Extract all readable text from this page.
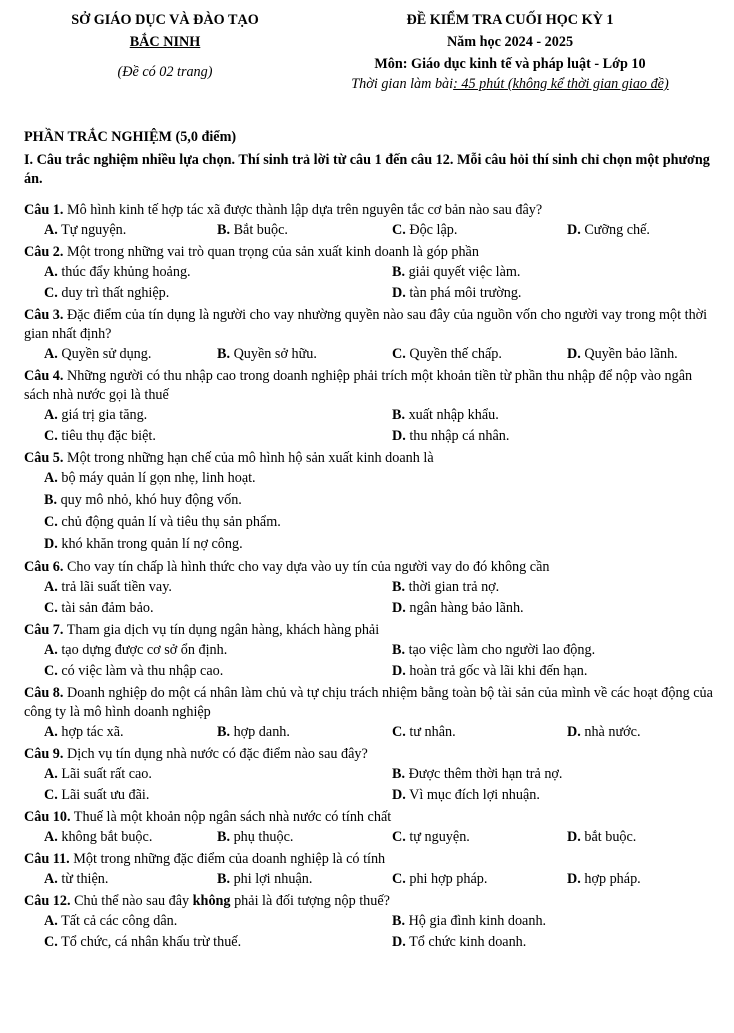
SỞ GIÁO DỤC VÀ ĐÀO TẠO
BẮC NINH
(Đề có 02 trang)
ĐỀ KIỂM TRA CUỐI HỌC KỲ 1
Năm học 2024 - 2025
Môn: Giáo dục kinh tế và pháp luật - Lớp 10
Thời gian làm bài: 45 phút (không kể thời gian giao đề)
PHẦN TRẮC NGHIỆM (5,0 điểm)
I. Câu trắc nghiệm nhiều lựa chọn. Thí sinh trả lời từ câu 1 đến câu 12. Mỗi câu hỏi thí sinh chỉ chọn một phương án.
Câu 1. Mô hình kinh tế hợp tác xã được thành lập dựa trên nguyên tắc cơ bản nào sau đây?
A. Tự nguyện.	B. Bắt buộc.	C. Độc lập.	D. Cưỡng chế.
Câu 2. Một trong những vai trò quan trọng của sản xuất kinh doanh là góp phần
A. thúc đẩy khủng hoảng.	B. giải quyết việc làm.
C. duy trì thất nghiệp.	D. tàn phá môi trường.
Câu 3. Đặc điểm của tín dụng là người cho vay nhường quyền nào sau đây của nguồn vốn cho người vay trong một thời gian nhất định?
A. Quyền sử dụng.	B. Quyền sở hữu.	C. Quyền thế chấp.	D. Quyền bảo lãnh.
Câu 4. Những người có thu nhập cao trong doanh nghiệp phải trích một khoản tiền từ phần thu nhập để nộp vào ngân sách nhà nước gọi là thuế
A. giá trị gia tăng.	B. xuất nhập khẩu.
C. tiêu thụ đặc biệt.	D. thu nhập cá nhân.
Câu 5. Một trong những hạn chế của mô hình hộ sản xuất kinh doanh là
A. bộ máy quản lí gọn nhẹ, linh hoạt.
B. quy mô nhỏ, khó huy động vốn.
C. chủ động quản lí và tiêu thụ sản phẩm.
D. khó khăn trong quản lí nợ công.
Câu 6. Cho vay tín chấp là hình thức cho vay dựa vào uy tín của người vay do đó không cần
A. trả lãi suất tiền vay.	B. thời gian trả nợ.
C. tài sản đảm bảo.	D. ngân hàng bảo lãnh.
Câu 7. Tham gia dịch vụ tín dụng ngân hàng, khách hàng phải
A. tạo dựng được cơ sở ổn định.	B. tạo việc làm cho người lao động.
C. có việc làm và thu nhập cao.	D. hoàn trả gốc và lãi khi đến hạn.
Câu 8. Doanh nghiệp do một cá nhân làm chủ và tự chịu trách nhiệm bằng toàn bộ tài sản của mình về các hoạt động của công ty là mô hình doanh nghiệp
A. hợp tác xã.	B. hợp danh.	C. tư nhân.	D. nhà nước.
Câu 9. Dịch vụ tín dụng nhà nước có đặc điểm nào sau đây?
A. Lãi suất rất cao.	B. Được thêm thời hạn trả nợ.
C. Lãi suất ưu đãi.	D. Vì mục đích lợi nhuận.
Câu 10. Thuế là một khoản nộp ngân sách nhà nước có tính chất
A. không bắt buộc.	B. phụ thuộc.	C. tự nguyện.	D. bắt buộc.
Câu 11. Một trong những đặc điểm của doanh nghiệp là có tính
A. từ thiện.	B. phi lợi nhuận.	C. phi hợp pháp.	D. hợp pháp.
Câu 12. Chủ thể nào sau đây không phải là đối tượng nộp thuế?
A. Tất cả các công dân.	B. Hộ gia đình kinh doanh.
C. Tổ chức, cá nhân khấu trừ thuế.	D. Tổ chức kinh doanh.
